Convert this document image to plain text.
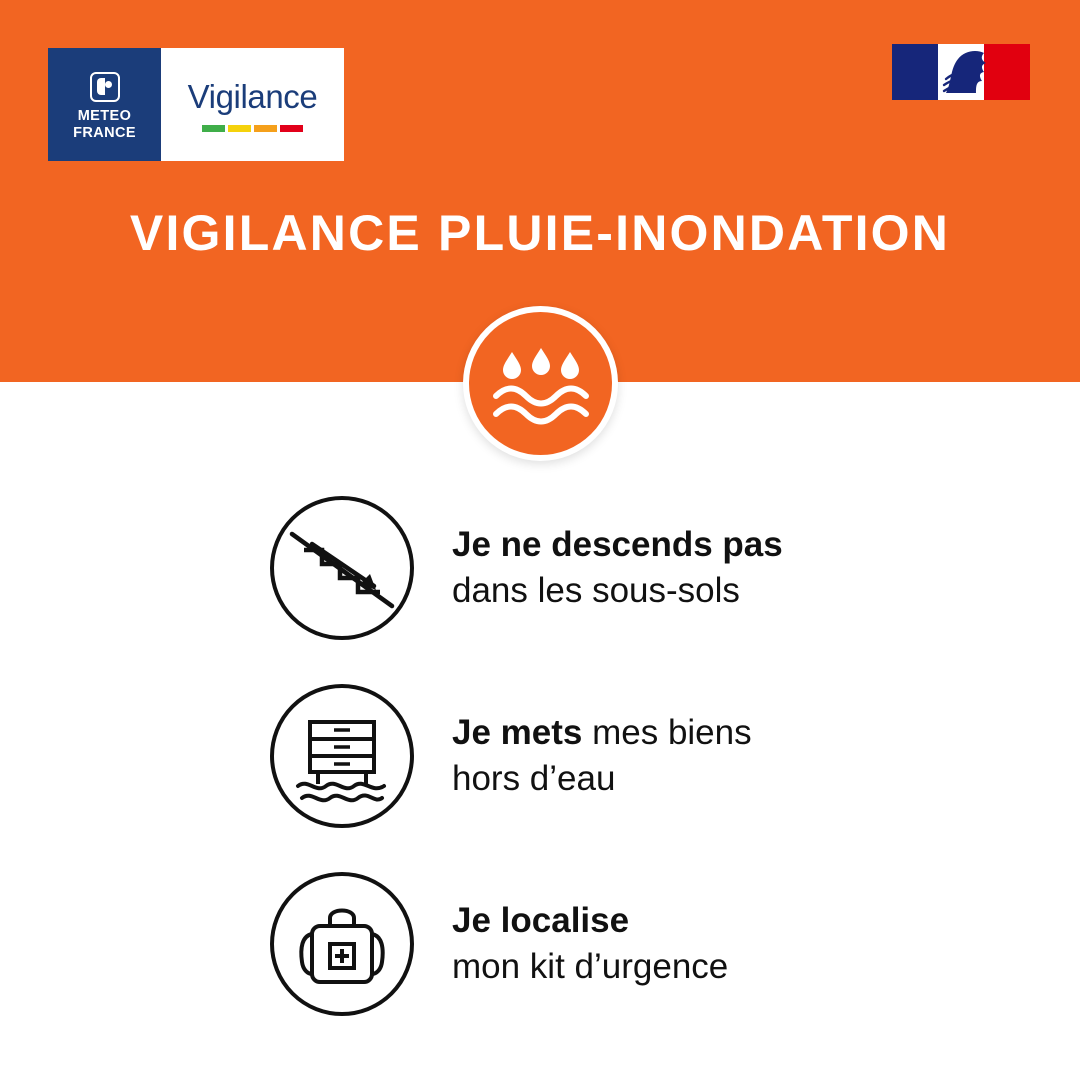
METEO
FRANCE
Vigilance
VIGILANCE PLUIE-INONDATION
Je ne descends pas
dans les sous-sols
Je mets mes biens
hors d’eau
Je localise
mon kit d’urgence
